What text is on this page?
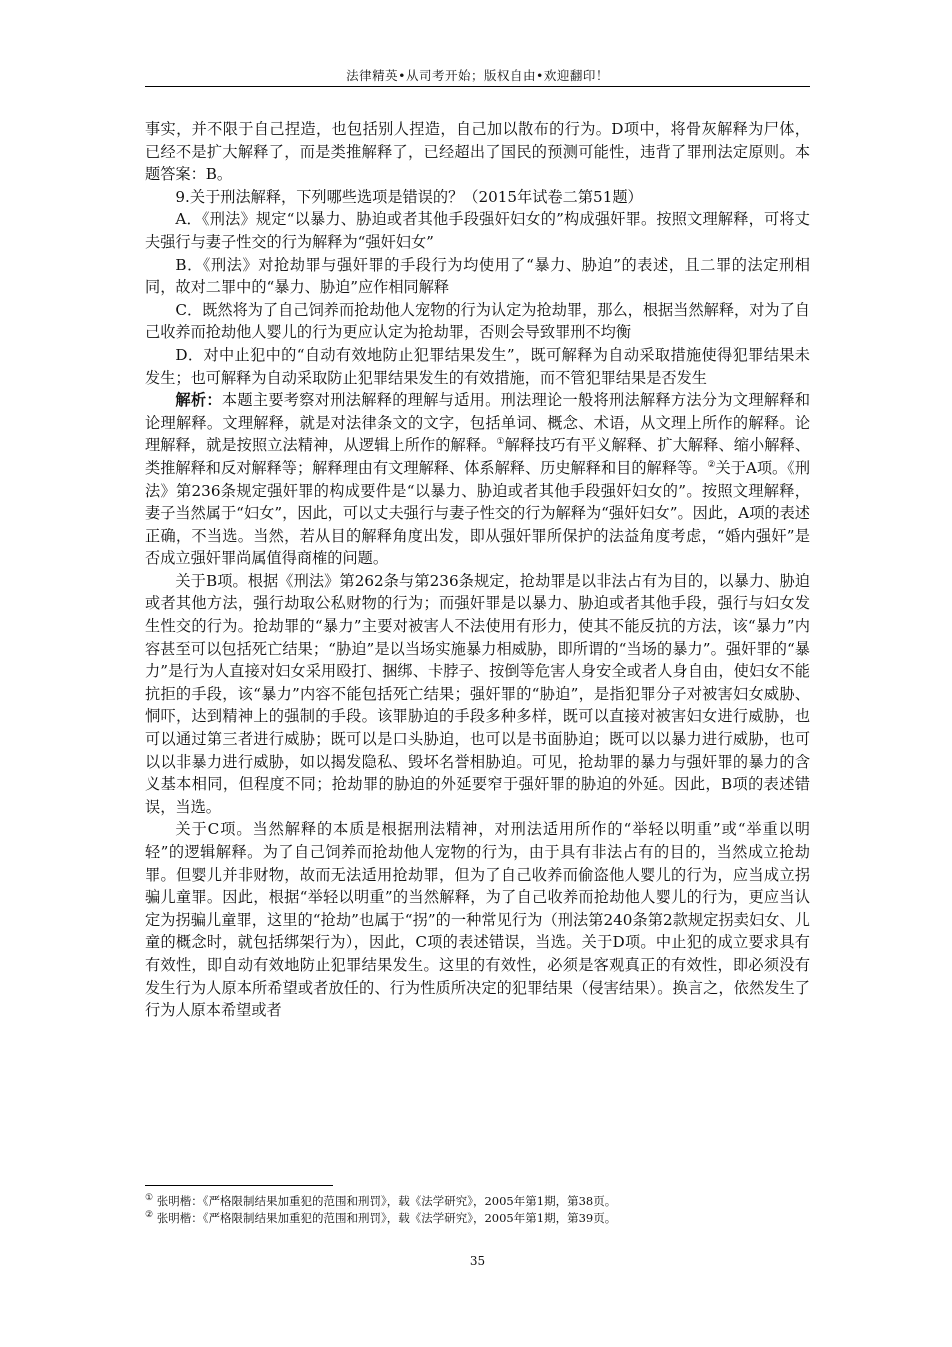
法律精英•从司考开始；版权自由•欢迎翻印！

事实，并不限于自己捏造，也包括别人捏造，自己加以散布的行为。D项中，将骨灰解释为尸体，已经不是扩大解释了，而是类推解释了，已经超出了国民的预测可能性，违背了罪刑法定原则。本题答案：B。

9.关于刑法解释，下列哪些选项是错误的？（2015年试卷二第51题）

A．《刑法》规定“以暴力、胁迫或者其他手段强奸妇女的”构成强奸罪。按照文理解释，可将丈夫强行与妻子性交的行为解释为“强奸妇女”

B．《刑法》对抢劫罪与强奸罪的手段行为均使用了“暴力、胁迫”的表述，且二罪的法定刑相同，故对二罪中的“暴力、胁迫”应作相同解释

C．既然将为了自己饲养而抢劫他人宠物的行为认定为抢劫罪，那么，根据当然解释，对为了自己收养而抢劫他人婴儿的行为更应认定为抢劫罪，否则会导致罪刑不均衡

D．对中止犯中的“自动有效地防止犯罪结果发生”，既可解释为自动采取措施使得犯罪结果未发生；也可解释为自动采取防止犯罪结果发生的有效措施，而不管犯罪结果是否发生

解析：本题主要考察对刑法解释的理解与适用。刑法理论一般将刑法解释方法分为文理解释和论理解释。文理解释，就是对法律条文的文字，包括单词、概念、术语，从文理上所作的解释。论理解释，就是按照立法精神，从逻辑上所作的解释。①解释技巧有平义解释、扩大解释、缩小解释、类推解释和反对解释等；解释理由有文理解释、体系解释、历史解释和目的解释等。②关于A项。《刑法》第236条规定强奸罪的构成要件是“以暴力、胁迫或者其他手段强奸妇女的”。按照文理解释，妻子当然属于“妇女”，因此，可以丈夫强行与妻子性交的行为解释为“强奸妇女”。因此，A项的表述正确，不当选。当然，若从目的解释角度出发，即从强奸罪所保护的法益角度考虑，“婚内强奸”是否成立强奸罪尚属值得商榷的问题。

关于B项。根据《刑法》第262条与第236条规定，抢劫罪是以非法占有为目的，以暴力、胁迫或者其他方法，强行劫取公私财物的行为；而强奸罪是以暴力、胁迫或者其他手段，强行与妇女发生性交的行为。抢劫罪的“暴力”主要对被害人不法使用有形力，使其不能反抗的方法，该“暴力”内容甚至可以包括死亡结果；“胁迫”是以当场实施暴力相威胁，即所谓的“当场的暴力”。强奸罪的“暴力”是行为人直接对妇女采用殴打、捆绑、卡脖子、按倒等危害人身安全或者人身自由，使妇女不能抗拒的手段，该“暴力”内容不能包括死亡结果；强奸罪的“胁迫”，是指犯罪分子对被害妇女威胁、恫吓，达到精神上的强制的手段。该罪胁迫的手段多种多样，既可以直接对被害妇女进行威胁，也可以通过第三者进行威胁；既可以是口头胁迫，也可以是书面胁迫；既可以以暴力进行威胁，也可以以非暴力进行威胁，如以揭发隐私、毁坏名誉相胁迫。可见，抢劫罪的暴力与强奸罪的暴力的含义基本相同，但程度不同；抢劫罪的胁迫的外延要窄于强奸罪的胁迫的外延。因此，B项的表述错误，当选。

关于C项。当然解释的本质是根据刑法精神，对刑法适用所作的“举轻以明重”或“举重以明轻”的逻辑解释。为了自己饲养而抢劫他人宠物的行为，由于具有非法占有的目的，当然成立抢劫罪。但婴儿并非财物，故而无法适用抢劫罪，但为了自己收养而偷盗他人婴儿的行为，应当成立拐骗儿童罪。因此，根据“举轻以明重”的当然解释，为了自己收养而抢劫他人婴儿的行为，更应当认定为拐骗儿童罪，这里的“抢劫”也属于“拐”的一种常见行为（刑法第240条第2款规定拐卖妇女、儿童的概念时，就包括绑架行为），因此，C项的表述错误，当选。关于D项。中止犯的成立要求具有有效性，即自动有效地防止犯罪结果发生。这里的有效性，必须是客观真正的有效性，即必须没有发生行为人原本所希望或者放任的、行为性质所决定的犯罪结果（侵害结果）。换言之，依然发生了行为人原本希望或者

① 张明楷：《严格限制结果加重犯的范围和刑罚》，载《法学研究》，2005年第1期，第38页。
② 张明楷：《严格限制结果加重犯的范围和刑罚》，载《法学研究》，2005年第1期，第39页。
35
